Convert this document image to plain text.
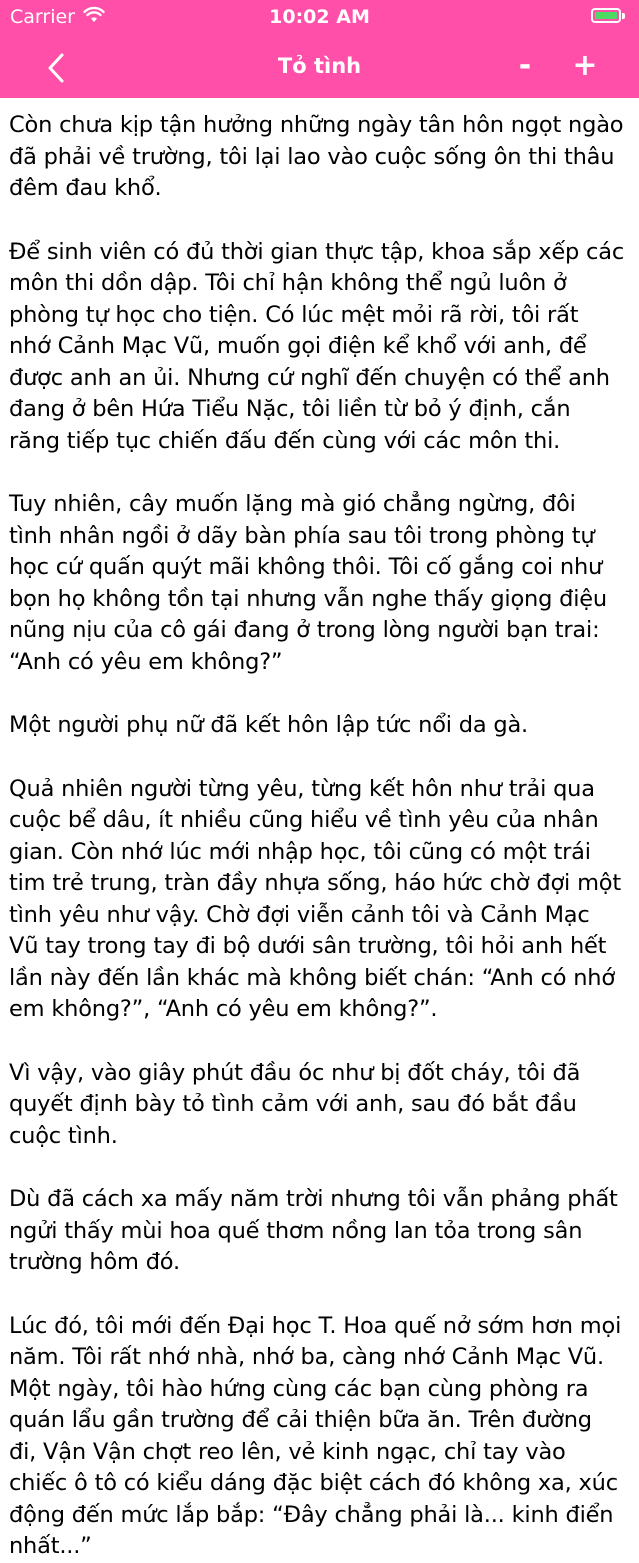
Carrier	10:02 AM
Tỏ tình	-	+

Còn chưa kịp tận hưởng những ngày tân hôn ngọt ngào đã phải về trường, tôi lại lao vào cuộc sống ôn thi thâu đêm đau khổ.

Để sinh viên có đủ thời gian thực tập, khoa sắp xếp các môn thi dồn dập. Tôi chỉ hận không thể ngủ luôn ở phòng tự học cho tiện. Có lúc mệt mỏi rã rời, tôi rất nhớ Cảnh Mạc Vũ, muốn gọi điện kể khổ với anh, để được anh an ủi. Nhưng cứ nghĩ đến chuyện có thể anh đang ở bên Hứa Tiểu Nặc, tôi liền từ bỏ ý định, cắn răng tiếp tục chiến đấu đến cùng với các môn thi.

Tuy nhiên, cây muốn lặng mà gió chẳng ngừng, đôi tình nhân ngồi ở dãy bàn phía sau tôi trong phòng tự học cứ quấn quýt mãi không thôi. Tôi cố gắng coi như bọn họ không tồn tại nhưng vẫn nghe thấy giọng điệu nũng nịu của cô gái đang ở trong lòng người bạn trai: “Anh có yêu em không?”

Một người phụ nữ đã kết hôn lập tức nổi da gà.

Quả nhiên người từng yêu, từng kết hôn như trải qua cuộc bể dâu, ít nhiều cũng hiểu về tình yêu của nhân gian. Còn nhớ lúc mới nhập học, tôi cũng có một trái tim trẻ trung, tràn đầy nhựa sống, háo hức chờ đợi một tình yêu như vậy. Chờ đợi viễn cảnh tôi và Cảnh Mạc Vũ tay trong tay đi bộ dưới sân trường, tôi hỏi anh hết lần này đến lần khác mà không biết chán: “Anh có nhớ em không?”, “Anh có yêu em không?”.

Vì vậy, vào giây phút đầu óc như bị đốt cháy, tôi đã quyết định bày tỏ tình cảm với anh, sau đó bắt đầu cuộc tình.

Dù đã cách xa mấy năm trời nhưng tôi vẫn phảng phất ngửi thấy mùi hoa quế thơm nồng lan tỏa trong sân trường hôm đó.

Lúc đó, tôi mới đến Đại học T. Hoa quế nở sớm hơn mọi năm. Tôi rất nhớ nhà, nhớ ba, càng nhớ Cảnh Mạc Vũ. Một ngày, tôi hào hứng cùng các bạn cùng phòng ra quán lẩu gần trường để cải thiện bữa ăn. Trên đường đi, Vận Vận chợt reo lên, vẻ kinh ngạc, chỉ tay vào chiếc ô tô có kiểu dáng đặc biệt cách đó không xa, xúc động đến mức lắp bắp: “Đây chẳng phải là... kinh điển nhất...”
